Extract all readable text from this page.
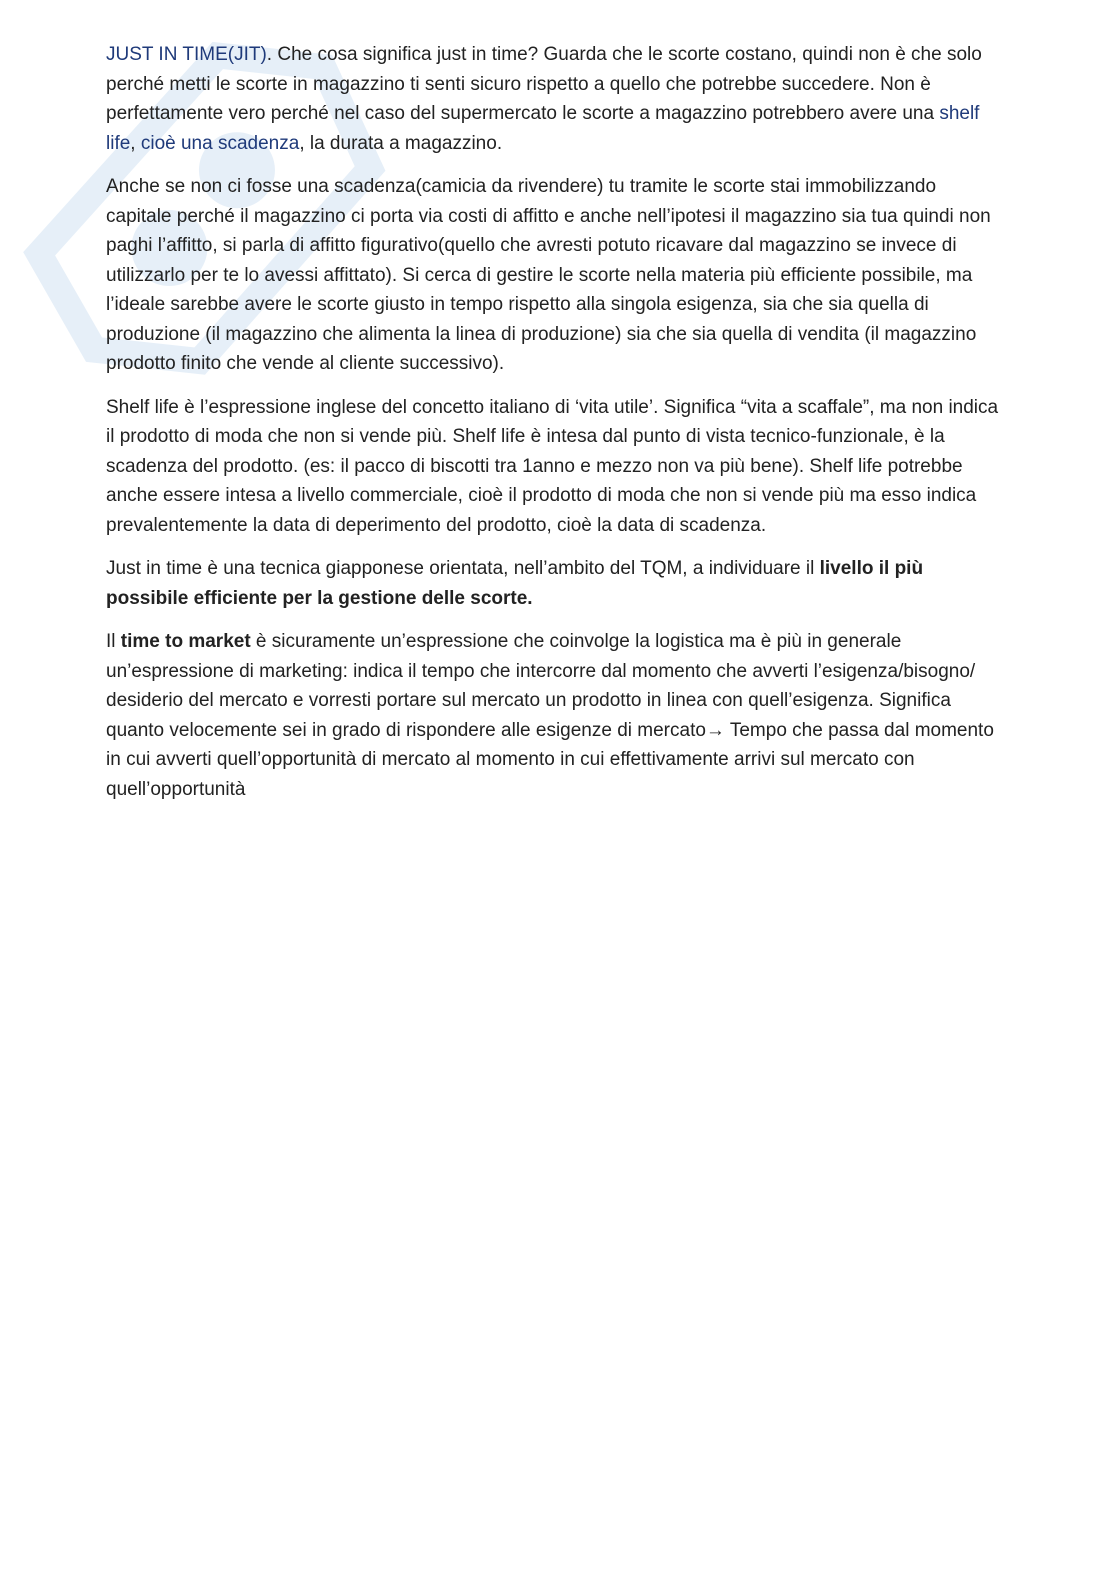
JUST IN TIME(JIT). Che cosa significa just in time? Guarda che le scorte costano, quindi non è che solo perché metti le scorte in magazzino ti senti sicuro rispetto a quello che potrebbe succedere. Non è perfettamente vero perché nel caso del supermercato le scorte a magazzino potrebbero avere una shelf life, cioè una scadenza, la durata a magazzino.

Anche se non ci fosse una scadenza(camicia da rivendere) tu tramite le scorte stai immobilizzando capitale perché il magazzino ci porta via costi di affitto e anche nell’ipotesi il magazzino sia tua quindi non paghi l’affitto, si parla di affitto figurativo(quello che avresti potuto ricavare dal magazzino se invece di utilizzarlo per te lo avessi affittato). Si cerca di gestire le scorte nella materia più efficiente possibile, ma l’ideale sarebbe avere le scorte giusto in tempo rispetto alla singola esigenza, sia che sia quella di produzione (il magazzino che alimenta la linea di produzione) sia che sia quella di vendita (il magazzino prodotto finito che vende al cliente successivo).

Shelf life è l’espressione inglese del concetto italiano di ‘vita utile’. Significa “vita a scaffale”, ma non indica il prodotto di moda che non si vende più. Shelf life è intesa dal punto di vista tecnico-funzionale, è la scadenza del prodotto. (es: il pacco di biscotti tra 1anno e mezzo non va più bene). Shelf life potrebbe anche essere intesa a livello commerciale, cioè il prodotto di moda che non si vende più ma esso indica prevalentemente la data di deperimento del prodotto, cioè la data di scadenza.

Just in time è una tecnica giapponese orientata, nell’ambito del TQM, a individuare il livello il più possibile efficiente per la gestione delle scorte.

Il time to market è sicuramente un’espressione che coinvolge la logistica ma è più in generale un’espressione di marketing: indica il tempo che intercorre dal momento che avverti l’esigenza/bisogno/ desiderio del mercato e vorresti portare sul mercato un prodotto in linea con quell’esigenza. Significa quanto velocemente sei in grado di rispondere alle esigenze di mercato→ Tempo che passa dal momento in cui avverti quell’opportunità di mercato al momento in cui effettivamente arrivi sul mercato con quell’opportunità
